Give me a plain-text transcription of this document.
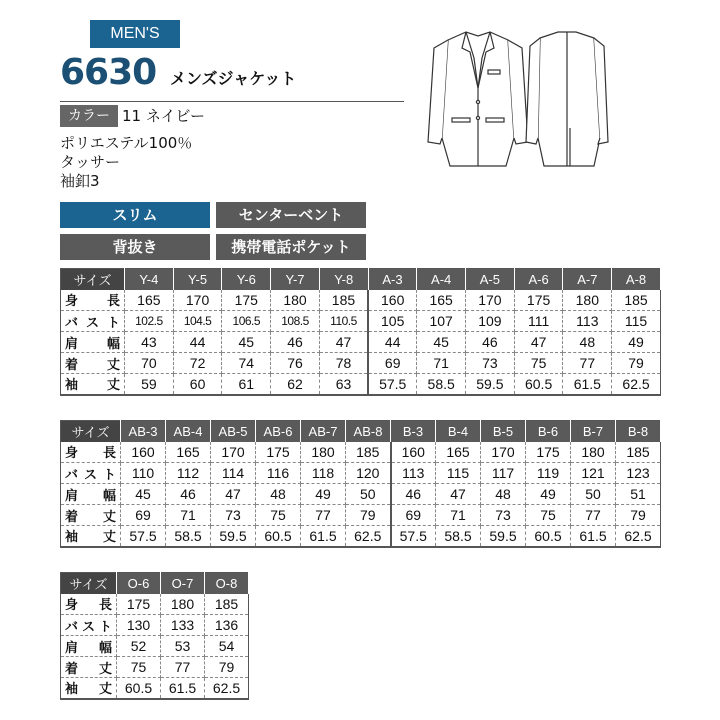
MEN'S
6630 メンズジャケット
カラー 11 ネイビー
ポリエステル100％
タッサー
袖釦3
スリム	センターベント
背抜き	携帯電話ポケット
サイズ	Y-4	Y-5	Y-6	Y-7	Y-8	A-3	A-4	A-5	A-6	A-7	A-8
身 長	165	170	175	180	185	160	165	170	175	180	185
バスト	102.5	104.5	106.5	108.5	110.5	105	107	109	111	113	115
肩 幅	43	44	45	46	47	44	45	46	47	48	49
着 丈	70	72	74	76	78	69	71	73	75	77	79
袖 丈	59	60	61	62	63	57.5	58.5	59.5	60.5	61.5	62.5
サイズ	AB-3	AB-4	AB-5	AB-6	AB-7	AB-8	B-3	B-4	B-5	B-6	B-7	B-8
身 長	160	165	170	175	180	185	160	165	170	175	180	185
バスト	110	112	114	116	118	120	113	115	117	119	121	123
肩 幅	45	46	47	48	49	50	46	47	48	49	50	51
着 丈	69	71	73	75	77	79	69	71	73	75	77	79
袖 丈	57.5	58.5	59.5	60.5	61.5	62.5	57.5	58.5	59.5	60.5	61.5	62.5
サイズ	O-6	O-7	O-8
身 長	175	180	185
バスト	130	133	136
肩 幅	52	53	54
着 丈	75	77	79
袖 丈	60.5	61.5	62.5
